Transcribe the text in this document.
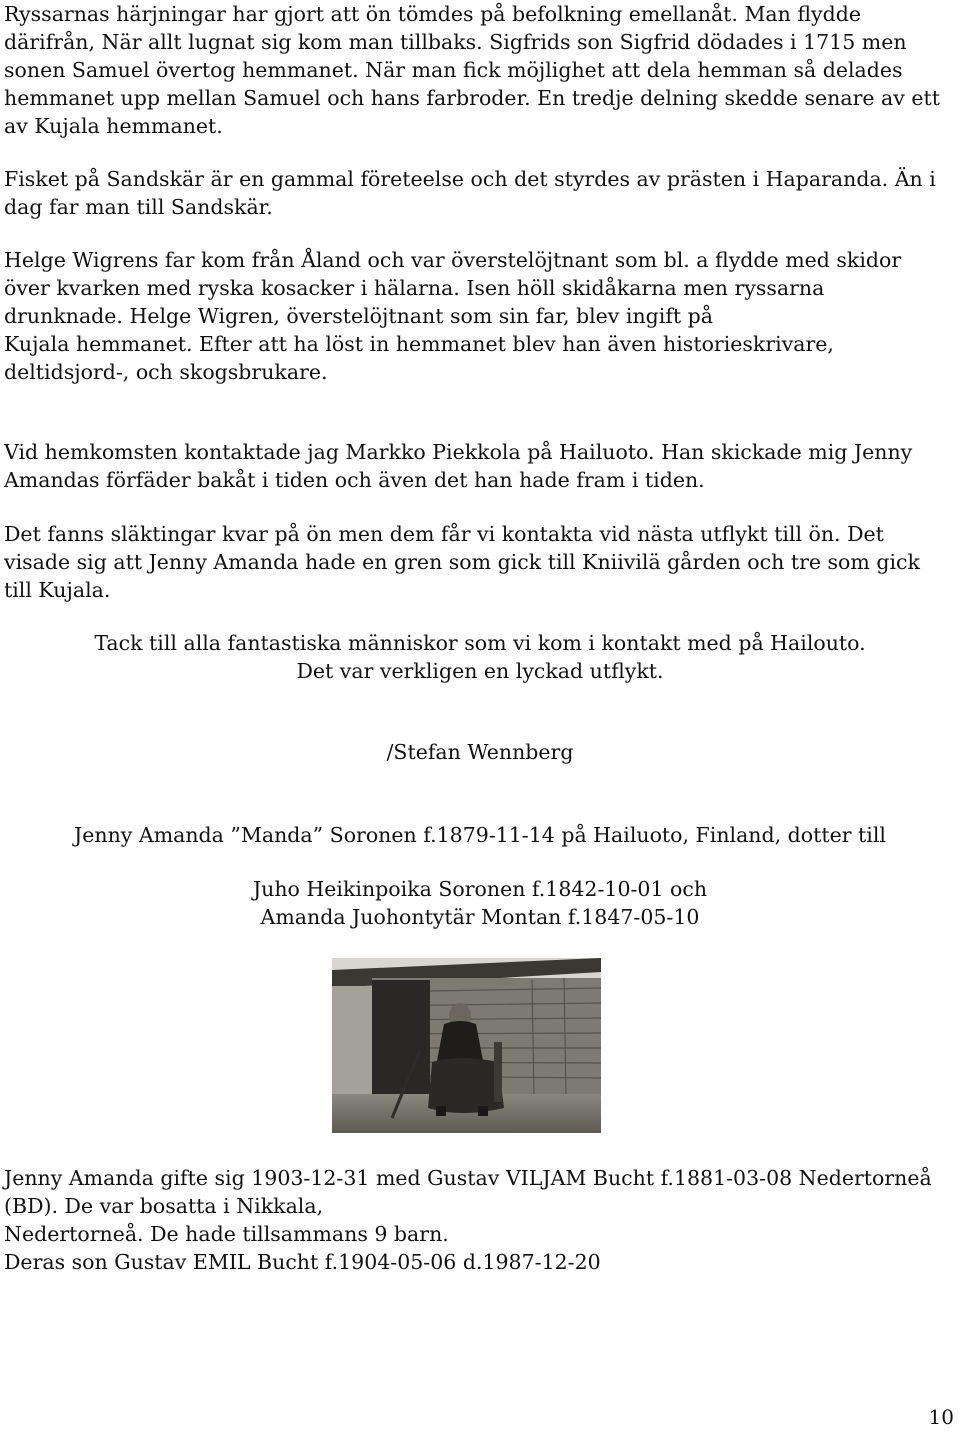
Ryssarnas härjningar har gjort att ön tömdes på befolkning emellanåt. Man flydde
därifrån, När allt lugnat sig kom man tillbaks. Sigfrids son Sigfrid dödades i 1715 men
sonen Samuel övertog hemmanet. När man fick möjlighet att dela hemman så delades
hemmanet upp mellan Samuel och hans farbroder. En tredje delning skedde senare av ett
av Kujala hemmanet.

Fisket på Sandskär är en gammal företeelse och det styrdes av prästen i Haparanda. Än i
dag far man till Sandskär.

Helge Wigrens far kom från Åland och var överstelöjtnant som bl. a flydde med skidor
över kvarken med ryska kosacker i hälarna. Isen höll skidåkarna men ryssarna
drunknade. Helge Wigren, överstelöjtnant som sin far, blev ingift på
Kujala hemmanet. Efter att ha löst in hemmanet blev han även historieskrivare,
deltidsjord-, och skogsbrukare.

Vid hemkomsten kontaktade jag Markko Piekkola på Hailuoto. Han skickade mig Jenny
Amandas förfäder bakåt i tiden och även det han hade fram i tiden.

Det fanns släktingar kvar på ön men dem får vi kontakta vid nästa utflykt till ön. Det
visade sig att Jenny Amanda hade en gren som gick till Kniivilä gården och tre som gick
till Kujala.

Tack till alla fantastiska människor som vi kom i kontakt med på Hailouto.
Det var verkligen en lyckad utflykt.

/Stefan Wennberg

Jenny Amanda ”Manda” Soronen f.1879-11-14 på Hailuoto, Finland, dotter till

Juho Heikinpoika Soronen f.1842-10-01 och
Amanda Juohontytär Montan f.1847-05-10

Jenny Amanda gifte sig 1903-12-31 med Gustav VILJAM Bucht f.1881-03-08 Nedertorneå
(BD). De var bosatta i Nikkala,
Nedertorneå. De hade tillsammans 9 barn.
Deras son Gustav EMIL Bucht f.1904-05-06 d.1987-12-20

10
